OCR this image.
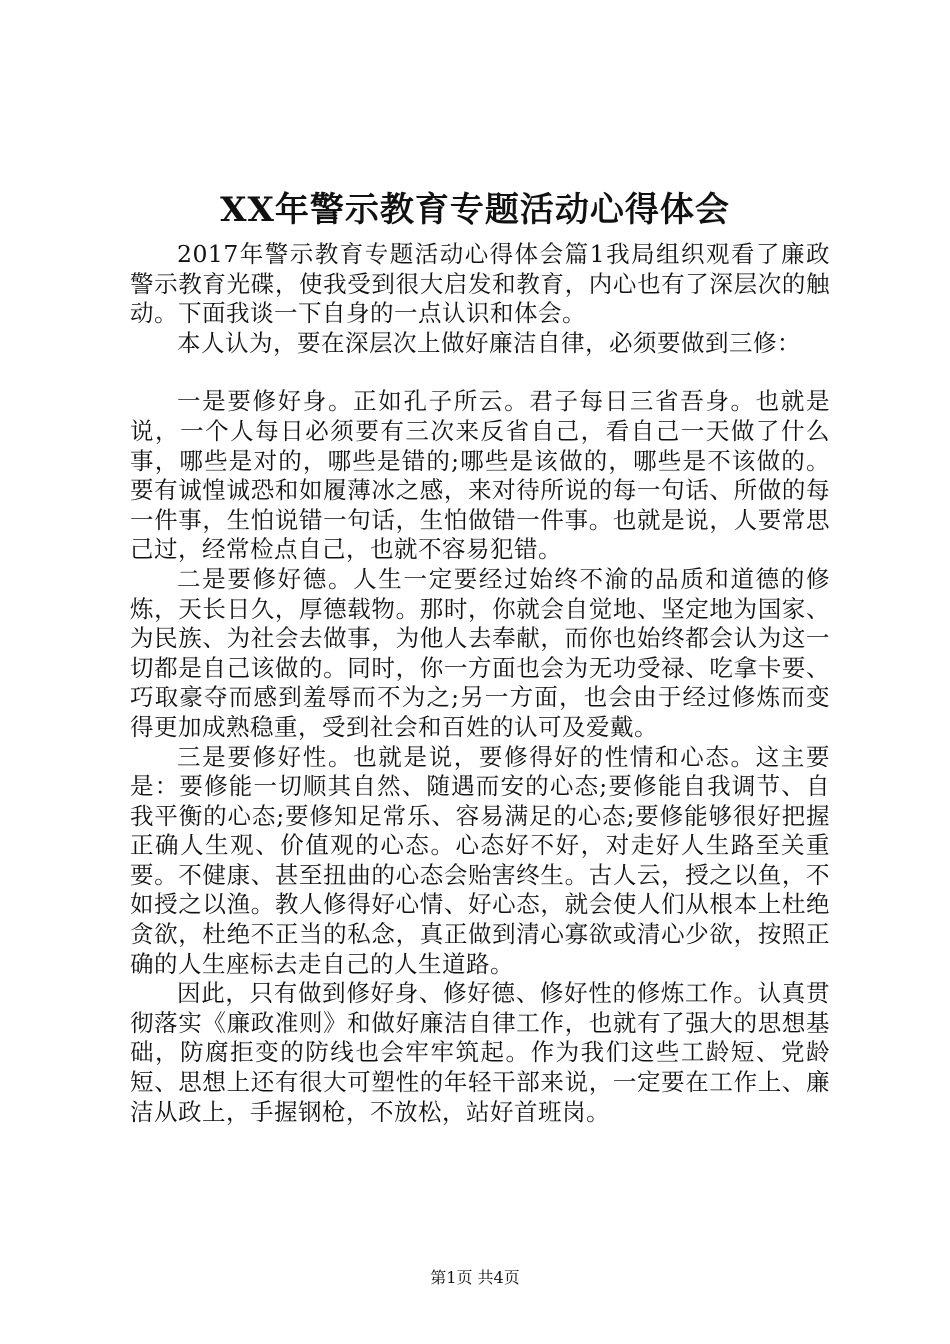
XX年警示教育专题活动心得体会

2017年警示教育专题活动心得体会篇1我局组织观看了廉政警示教育光碟，使我受到很大启发和教育，内心也有了深层次的触动。下面我谈一下自身的一点认识和体会。

本人认为，要在深层次上做好廉洁自律，必须要做到三修：

一是要修好身。正如孔子所云。君子每日三省吾身。也就是说，一个人每日必须要有三次来反省自己，看自己一天做了什么事，哪些是对的，哪些是错的;哪些是该做的，哪些是不该做的。要有诚惶诚恐和如履薄冰之感，来对待所说的每一句话、所做的每一件事，生怕说错一句话，生怕做错一件事。也就是说，人要常思己过，经常检点自己，也就不容易犯错。

二是要修好德。人生一定要经过始终不渝的品质和道德的修炼，天长日久，厚德载物。那时，你就会自觉地、坚定地为国家、为民族、为社会去做事，为他人去奉献，而你也始终都会认为这一切都是自己该做的。同时，你一方面也会为无功受禄、吃拿卡要、巧取豪夺而感到羞辱而不为之;另一方面，也会由于经过修炼而变得更加成熟稳重，受到社会和百姓的认可及爱戴。

三是要修好性。也就是说，要修得好的性情和心态。这主要是：要修能一切顺其自然、随遇而安的心态;要修能自我调节、自我平衡的心态;要修知足常乐、容易满足的心态;要修能够很好把握正确人生观、价值观的心态。心态好不好，对走好人生路至关重要。不健康、甚至扭曲的心态会贻害终生。古人云，授之以鱼，不如授之以渔。教人修得好心情、好心态，就会使人们从根本上杜绝贪欲，杜绝不正当的私念，真正做到清心寡欲或清心少欲，按照正确的人生座标去走自己的人生道路。

因此，只有做到修好身、修好德、修好性的修炼工作。认真贯彻落实《廉政准则》和做好廉洁自律工作，也就有了强大的思想基础，防腐拒变的防线也会牢牢筑起。作为我们这些工龄短、党龄短、思想上还有很大可塑性的年轻干部来说，一定要在工作上、廉洁从政上，手握钢枪，不放松，站好首班岗。

第1页 共4页
